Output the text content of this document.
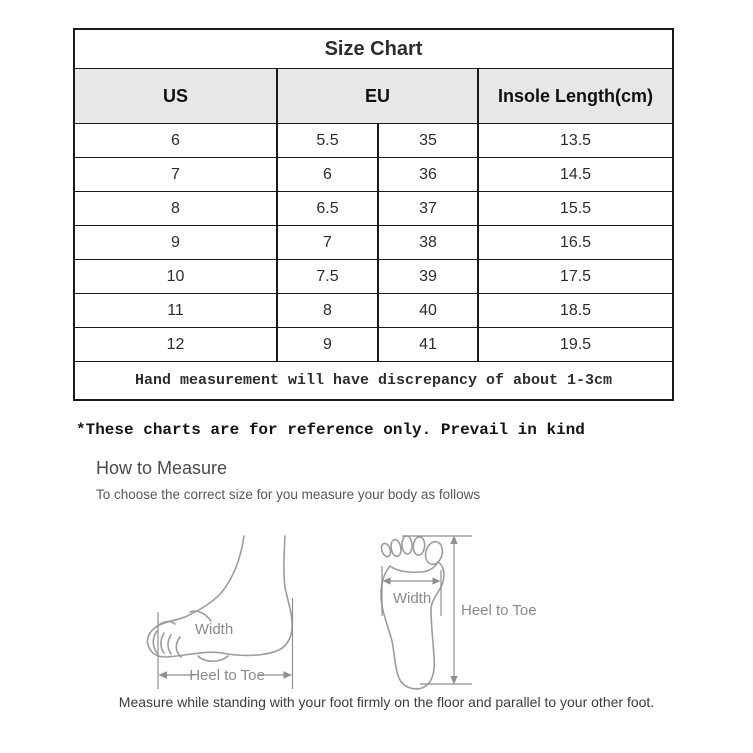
Size Chart			
US	EU		Insole Length(cm)
6	5.5	35	13.5
7	6	36	14.5
8	6.5	37	15.5
9	7	38	16.5
10	7.5	39	17.5
11	8	40	18.5
12	9	41	19.5
Hand measurement will have discrepancy of about 1-3cm			
*These charts are for reference only. Prevail in kind
How to Measure
To choose the correct size for you measure your body as follows
Width
Heel to Toe
Width
Heel to Toe
Measure while standing with your foot firmly on the floor and parallel to your other foot.
